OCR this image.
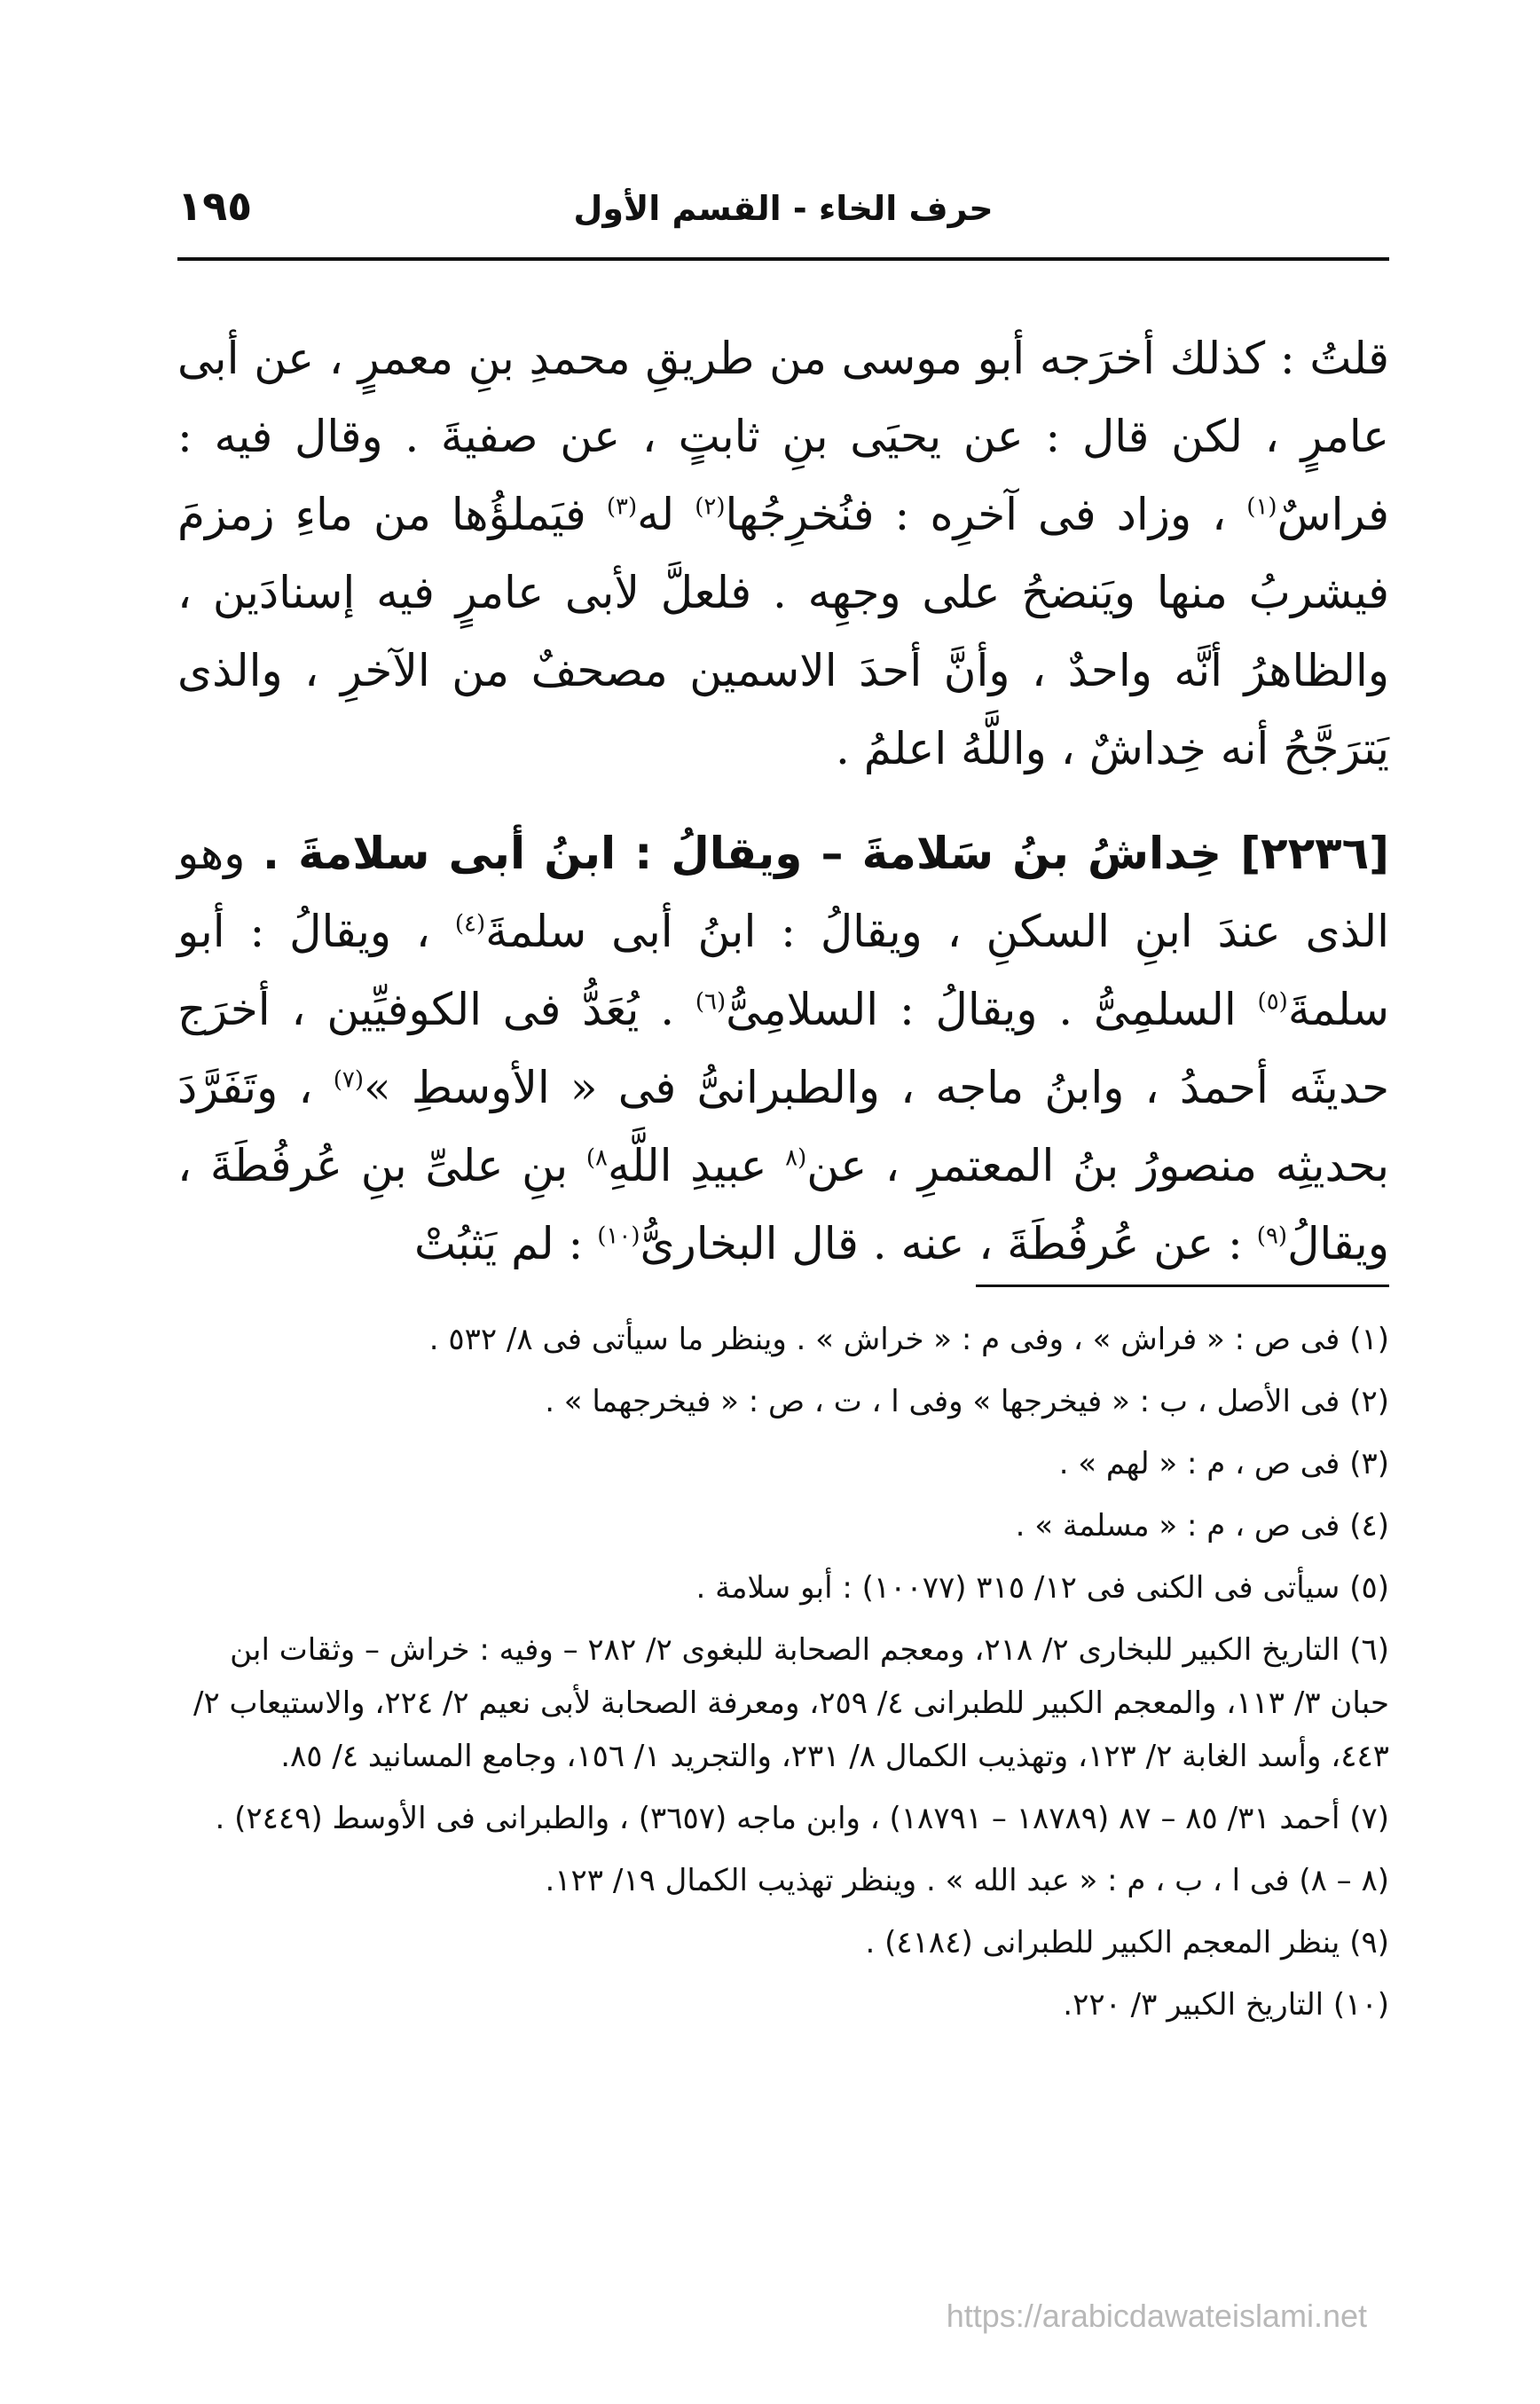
١٩٥	حرف الخاء - القسم الأول

قلتُ : كذلك أخرَجه أبو موسى من طريقِ محمدِ بنِ معمرٍ ، عن أبى عامرٍ ، لكن قال : عن يحيَى بنِ ثابتٍ ، عن صفيةَ . وقال فيه : فراسٌ$^{(١)}$ ، وزاد فى آخرِه : فنُخرِجُها$^{(٢)}$ له$^{(٣)}$ فيَملؤُها من ماءِ زمزمَ فيشربُ منها ويَنضحُ على وجهِه . فلعلَّ لأبى عامرٍ فيه إسنادَين ، والظاهرُ أنَّه واحدٌ ، وأنَّ أحدَ الاسمين مصحفٌ من الآخرِ ، والذى يَترَجَّحُ أنه خِداشٌ ، واللَّهُ اعلمُ .

[٢٢٣٦] خِداشُ بنُ سَلامةَ – ويقالُ : ابنُ أبى سلامةَ . وهو الذى عندَ ابنِ السكنِ ، ويقالُ : ابنُ أبى سلمةَ$^{(٤)}$ ، ويقالُ : أبو سلمةَ$^{(٥)}$ السلمِىُّ . ويقالُ : السلامِىُّ$^{(٦)}$ . يُعَدُّ فى الكوفيِّين ، أخرَج حديثَه أحمدُ ، وابنُ ماجه ، والطبرانىُّ فى « الأوسطِ »$^{(٧)}$ ، وتَفَرَّدَ بحديثِه منصورُ بنُ المعتمرِ ، عن$^{(٨}$ عبيدِ اللَّهِ$^{٨)}$ بنِ علىِّ بنِ عُرفُطَةَ ، ويقالُ$^{(٩)}$ : عن عُرفُطَةَ ، عنه . قال البخارىُّ$^{(١٠)}$ : لم يَثبُتْ

(١) فى ص : « فراش » ، وفى م : « خراش » . وينظر ما سيأتى فى ٨/ ٥٣٢ .
(٢) فى الأصل ، ب : « فيخرجها » وفى ا ، ت ، ص : « فيخرجهما » .
(٣) فى ص ، م : « لهم » .
(٤) فى ص ، م : « مسلمة » .
(٥) سيأتى فى الكنى فى ١٢/ ٣١٥ (١٠٠٧٧) : أبو سلامة .
(٦) التاريخ الكبير للبخارى ٢/ ٢١٨، ومعجم الصحابة للبغوى ٢/ ٢٨٢ – وفيه : خراش – وثقات ابن حبان ٣/ ١١٣، والمعجم الكبير للطبرانى ٤/ ٢٥٩، ومعرفة الصحابة لأبى نعيم ٢/ ٢٢٤، والاستيعاب ٢/ ٤٤٣، وأسد الغابة ٢/ ١٢٣، وتهذيب الكمال ٨/ ٢٣١، والتجريد ١/ ١٥٦، وجامع المسانيد ٤/ ٨٥.
(٧) أحمد ٣١/ ٨٥ – ٨٧ (١٨٧٨٩ – ١٨٧٩١) ، وابن ماجه (٣٦٥٧) ، والطبرانى فى الأوسط (٢٤٤٩) .
(٨ – ٨) فى ا ، ب ، م : « عبد الله » . وينظر تهذيب الكمال ١٩/ ١٢٣.
(٩) ينظر المعجم الكبير للطبرانى (٤١٨٤) .
(١٠) التاريخ الكبير ٣/ ٢٢٠.
https://arabicdawateislami.net
